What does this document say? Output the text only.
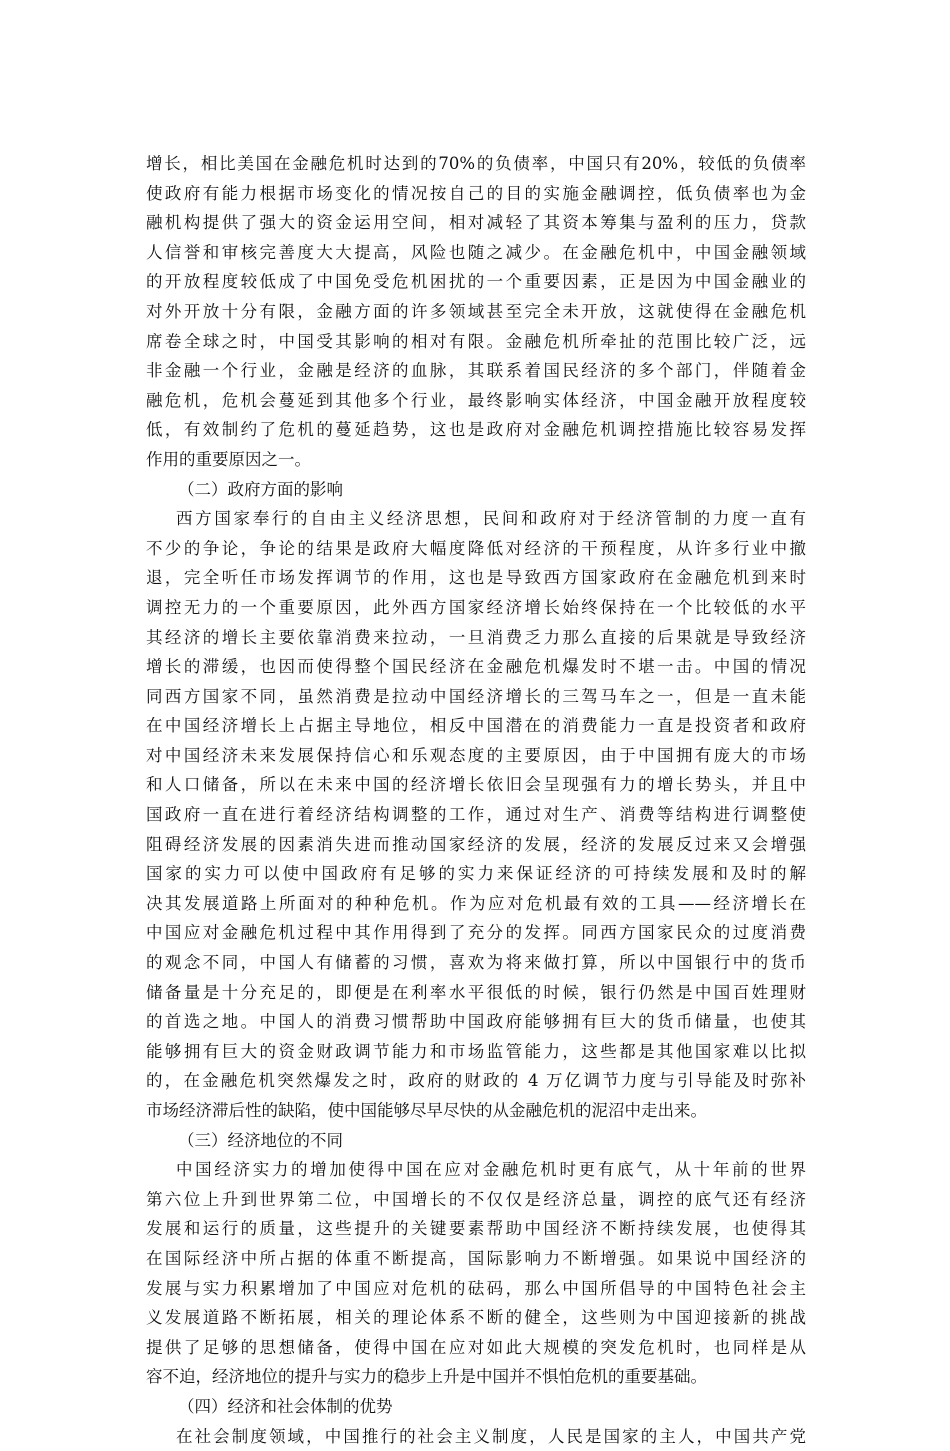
增长，相比美国在金融危机时达到的70%的负债率，中国只有20%，较低的负债率
使政府有能力根据市场变化的情况按自己的目的实施金融调控，低负债率也为金
融机构提供了强大的资金运用空间，相对减轻了其资本筹集与盈利的压力，贷款
人信誉和审核完善度大大提高，风险也随之减少。在金融危机中，中国金融领域
的开放程度较低成了中国免受危机困扰的一个重要因素，正是因为中国金融业的
对外开放十分有限，金融方面的许多领域甚至完全未开放，这就使得在金融危机
席卷全球之时，中国受其影响的相对有限。金融危机所牵扯的范围比较广泛，远
非金融一个行业，金融是经济的血脉，其联系着国民经济的多个部门，伴随着金
融危机，危机会蔓延到其他多个行业，最终影响实体经济，中国金融开放程度较
低，有效制约了危机的蔓延趋势，这也是政府对金融危机调控措施比较容易发挥
作用的重要原因之一。
（二）政府方面的影响
西方国家奉行的自由主义经济思想，民间和政府对于经济管制的力度一直有
不少的争论，争论的结果是政府大幅度降低对经济的干预程度，从许多行业中撤
退，完全听任市场发挥调节的作用，这也是导致西方国家政府在金融危机到来时
调控无力的一个重要原因，此外西方国家经济增长始终保持在一个比较低的水平
其经济的增长主要依靠消费来拉动，一旦消费乏力那么直接的后果就是导致经济
增长的滞缓，也因而使得整个国民经济在金融危机爆发时不堪一击。中国的情况
同西方国家不同，虽然消费是拉动中国经济增长的三驾马车之一，但是一直未能
在中国经济增长上占据主导地位，相反中国潜在的消费能力一直是投资者和政府
对中国经济未来发展保持信心和乐观态度的主要原因，由于中国拥有庞大的市场
和人口储备，所以在未来中国的经济增长依旧会呈现强有力的增长势头，并且中
国政府一直在进行着经济结构调整的工作，通过对生产、消费等结构进行调整使
阻碍经济发展的因素消失进而推动国家经济的发展，经济的发展反过来又会增强
国家的实力可以使中国政府有足够的实力来保证经济的可持续发展和及时的解
决其发展道路上所面对的种种危机。作为应对危机最有效的工具——经济增长在
中国应对金融危机过程中其作用得到了充分的发挥。同西方国家民众的过度消费
的观念不同，中国人有储蓄的习惯，喜欢为将来做打算，所以中国银行中的货币
储备量是十分充足的，即便是在利率水平很低的时候，银行仍然是中国百姓理财
的首选之地。中国人的消费习惯帮助中国政府能够拥有巨大的货币储量，也使其
能够拥有巨大的资金财政调节能力和市场监管能力，这些都是其他国家难以比拟
的，在金融危机突然爆发之时，政府的财政的 4 万亿调节力度与引导能及时弥补
市场经济滞后性的缺陷，使中国能够尽早尽快的从金融危机的泥沼中走出来。
（三）经济地位的不同
中国经济实力的增加使得中国在应对金融危机时更有底气，从十年前的世界
第六位上升到世界第二位，中国增长的不仅仅是经济总量，调控的底气还有经济
发展和运行的质量，这些提升的关键要素帮助中国经济不断持续发展，也使得其
在国际经济中所占据的体重不断提高，国际影响力不断增强。如果说中国经济的
发展与实力积累增加了中国应对危机的砝码，那么中国所倡导的中国特色社会主
义发展道路不断拓展，相关的理论体系不断的健全，这些则为中国迎接新的挑战
提供了足够的思想储备，使得中国在应对如此大规模的突发危机时，也同样是从
容不迫，经济地位的提升与实力的稳步上升是中国并不惧怕危机的重要基础。
（四）经济和社会体制的优势
在社会制度领域，中国推行的社会主义制度，人民是国家的主人，中国共产党
